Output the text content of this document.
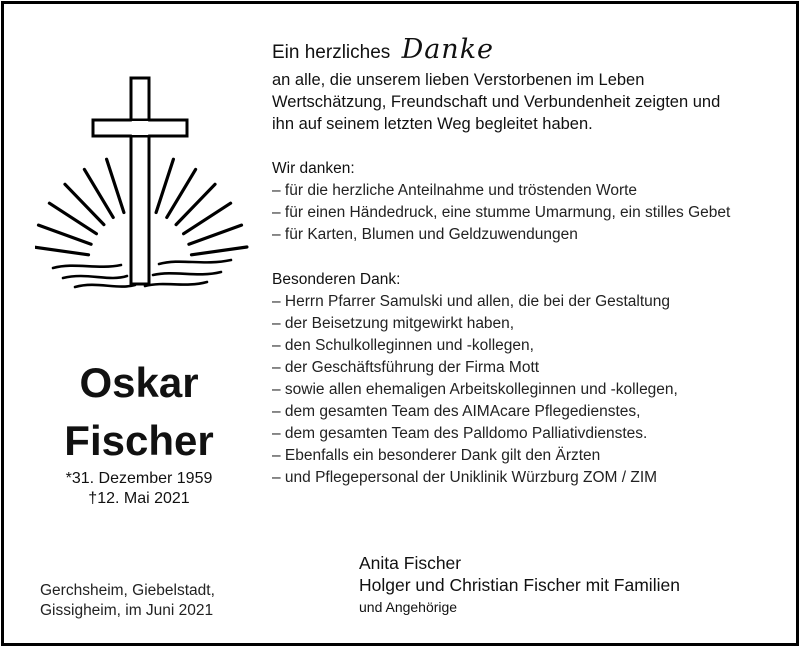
Oskar
Fischer
*31. Dezember 1959
†12. Mai 2021
Gerchsheim, Giebelstadt,
Gissigheim, im Juni 2021
Ein herzliches Danke
an alle, die unserem lieben Verstorbenen im Leben
Wertschätzung, Freundschaft und Verbundenheit zeigten und
ihn auf seinem letzten Weg begleitet haben.
Wir danken:
– für die herzliche Anteilnahme und tröstenden Worte
– für einen Händedruck, eine stumme Umarmung, ein stilles Gebet
– für Karten, Blumen und Geldzuwendungen
Besonderen Dank:
– Herrn Pfarrer Samulski und allen, die bei der Gestaltung
– der Beisetzung mitgewirkt haben,
– den Schulkolleginnen und -kollegen,
– der Geschäftsführung der Firma Mott
– sowie allen ehemaligen Arbeitskolleginnen und -kollegen,
– dem gesamten Team des AIMAcare Pflegedienstes,
– dem gesamten Team des Palldomo Palliativdienstes.
– Ebenfalls ein besonderer Dank gilt den Ärzten
– und Pflegepersonal der Uniklinik Würzburg ZOM / ZIM
Anita Fischer
Holger und Christian Fischer mit Familien
und Angehörige
